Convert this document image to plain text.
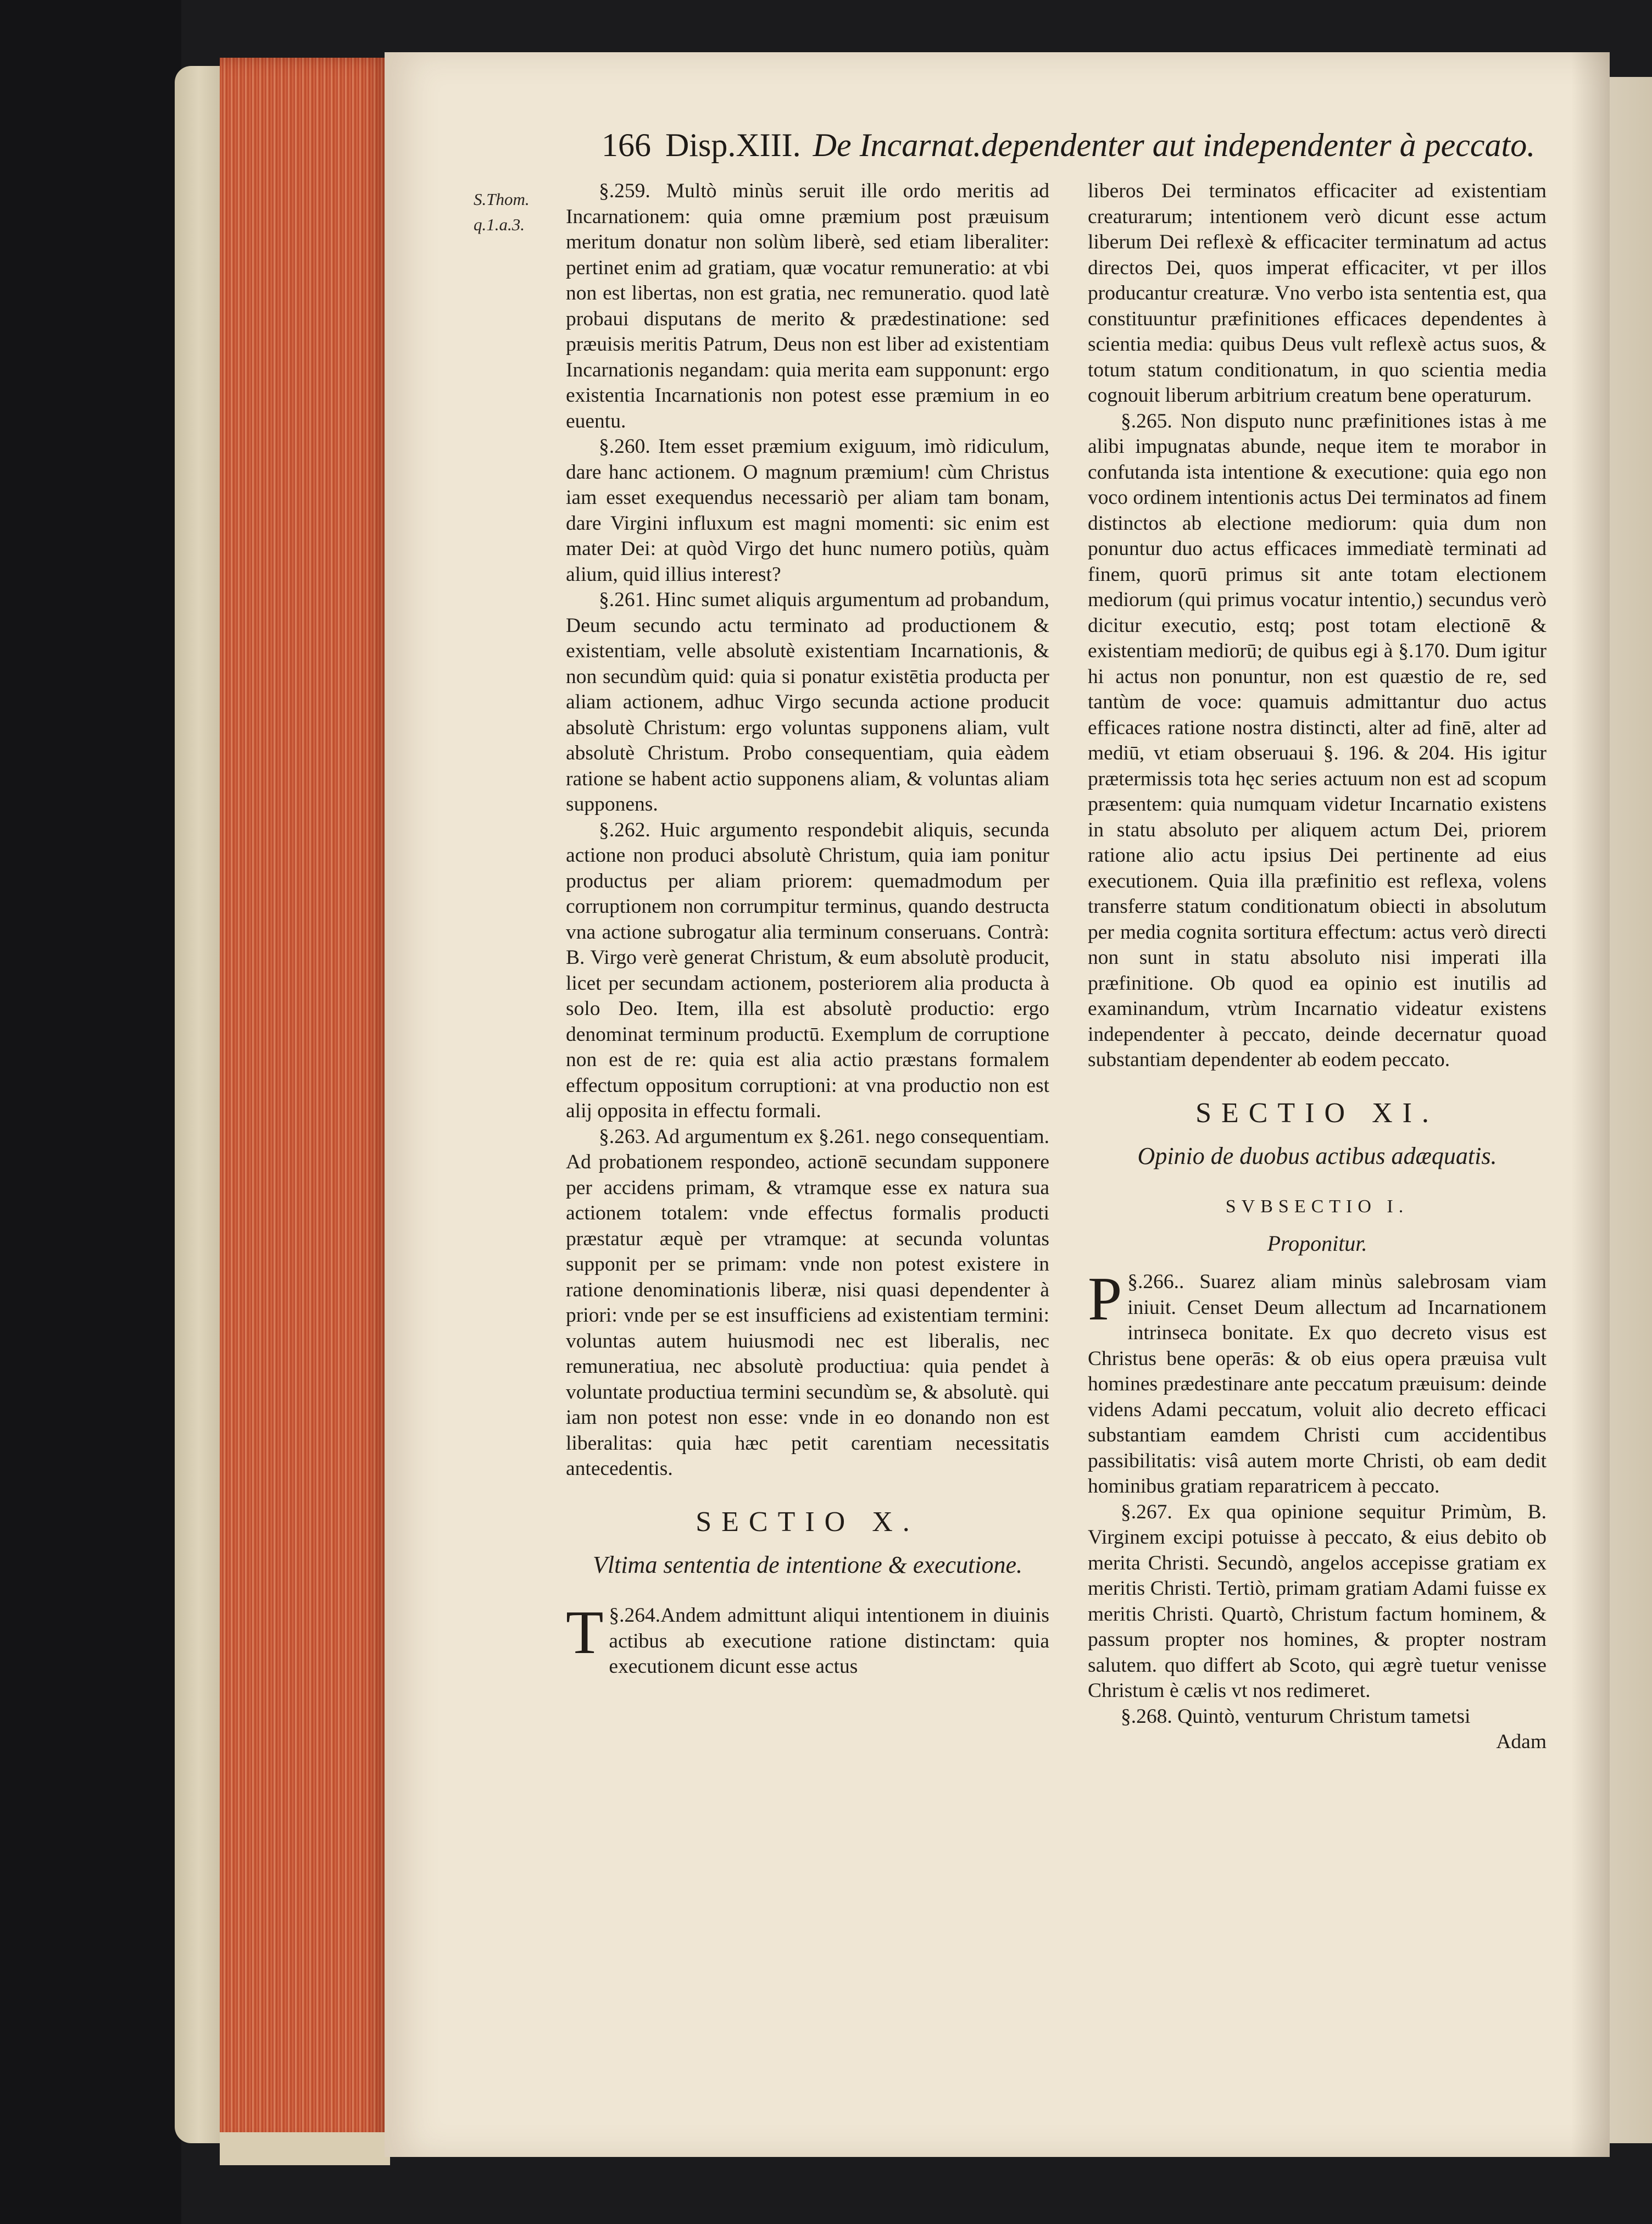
166 Disp.XIII. De Incarnat.dependenter aut independenter à peccato.
S.Thom.
q.1.a.3.

§.259. Multò minùs seruit ille ordo meritis ad Incarnationem: quia omne præmium post præuisum meritum donatur non solùm liberè, sed etiam liberaliter: pertinet enim ad gratiam, quæ vocatur remuneratio: at vbi non est libertas, non est gratia, nec remuneratio. quod latè probaui disputans de merito & prædestinatione: sed præuisis meritis Patrum, Deus non est liber ad existentiam Incarnationis negandam: quia merita eam supponunt: ergo existentia Incarnationis non potest esse præmium in eo euentu.

§.260. Item esset præmium exiguum, imò ridiculum, dare hanc actionem. O magnum præmium! cùm Christus iam esset exequendus necessariò per aliam tam bonam, dare Virgini influxum est magni momenti: sic enim est mater Dei: at quòd Virgo det hunc numero potiùs, quàm alium, quid illius interest?

§.261. Hinc sumet aliquis argumentum ad probandum, Deum secundo actu terminato ad productionem & existentiam, velle absolutè existentiam Incarnationis, & non secundùm quid: quia si ponatur existētia producta per aliam actionem, adhuc Virgo secunda actione producit absolutè Christum: ergo voluntas supponens aliam, vult absolutè Christum. Probo consequentiam, quia eàdem ratione se habent actio supponens aliam, & voluntas aliam supponens.

§.262. Huic argumento respondebit aliquis, secunda actione non produci absolutè Christum, quia iam ponitur productus per aliam priorem: quemadmodum per corruptionem non corrumpitur terminus, quando destructa vna actione subrogatur alia terminum conseruans. Contrà: B. Virgo verè generat Christum, & eum absolutè producit, licet per secundam actionem, posteriorem alia producta à solo Deo. Item, illa est absolutè productio: ergo denominat terminum productū. Exemplum de corruptione non est de re: quia est alia actio præstans formalem effectum oppositum corruptioni: at vna productio non est alij opposita in effectu formali.

§.263. Ad argumentum ex §.261. nego consequentiam. Ad probationem respondeo, actionē secundam supponere per accidens primam, & vtramque esse ex natura sua actionem totalem: vnde effectus formalis producti præstatur æquè per vtramque: at secunda voluntas supponit per se primam: vnde non potest existere in ratione denominationis liberæ, nisi quasi dependenter à priori: vnde per se est insufficiens ad existentiam termini: voluntas autem huiusmodi nec est liberalis, nec remuneratiua, nec absolutè productiua: quia pendet à voluntate productiua termini secundùm se, & absolutè. qui iam non potest non esse: vnde in eo donando non est liberalitas: quia hæc petit carentiam necessitatis antecedentis.

SECTIO X.
Vltima sententia de intentione & executione.

§.264.
T	Andem admittunt aliqui intentionem in diuinis actibus ab executione ratione distinctam: quia executionem dicunt esse actus

liberos Dei terminatos efficaciter ad existentiam creaturarum; intentionem verò dicunt esse actum liberum Dei reflexè & efficaciter terminatum ad actus directos Dei, quos imperat efficaciter, vt per illos producantur creaturæ. Vno verbo ista sententia est, qua constituuntur præfinitiones efficaces dependentes à scientia media: quibus Deus vult reflexè actus suos, & totum statum conditionatum, in quo scientia media cognouit liberum arbitrium creatum bene operaturum.

§.265. Non disputo nunc præfinitiones istas à me alibi impugnatas abunde, neque item te morabor in confutanda ista intentione & executione: quia ego non voco ordinem intentionis actus Dei terminatos ad finem distinctos ab electione mediorum: quia dum non ponuntur duo actus efficaces immediatè terminati ad finem, quorū primus sit ante totam electionem mediorum (qui primus vocatur intentio,) secundus verò dicitur executio, estq; post totam electionē & existentiam mediorū; de quibus egi à §.170. Dum igitur hi actus non ponuntur, non est quæstio de re, sed tantùm de voce: quamuis admittantur duo actus efficaces ratione nostra distincti, alter ad finē, alter ad mediū, vt etiam obseruaui §. 196. & 204. His igitur prætermissis tota hęc series actuum non est ad scopum præsentem: quia numquam videtur Incarnatio existens in statu absoluto per aliquem actum Dei, priorem ratione alio actu ipsius Dei pertinente ad eius executionem. Quia illa præfinitio est reflexa, volens transferre statum conditionatum obiecti in absolutum per media cognita sortitura effectum: actus verò directi non sunt in statu absoluto nisi imperati illa præfinitione. Ob quod ea opinio est inutilis ad examinandum, vtrùm Incarnatio videatur existens independenter à peccato, deinde decernatur quoad substantiam dependenter ab eodem peccato.

SECTIO XI.
Opinio de duobus actibus adæquatis.
SVBSECTIO I.
Proponitur.

§.266.
P	. Suarez aliam minùs salebrosam viam iniuit. Censet Deum allectum ad Incarnationem intrinseca bonitate. Ex quo decreto visus est Christus bene operās: & ob eius opera præuisa vult homines prædestinare ante peccatum præuisum: deinde videns Adami peccatum, voluit alio decreto efficaci substantiam eamdem Christi cum accidentibus passibilitatis: visâ autem morte Christi, ob eam dedit hominibus gratiam reparatricem à peccato.

§.267. Ex qua opinione sequitur Primùm, B. Virginem excipi potuisse à peccato, & eius debito ob merita Christi. Secundò, angelos accepisse gratiam ex meritis Christi. Tertiò, primam gratiam Adami fuisse ex meritis Christi. Quartò, Christum factum hominem, & passum propter nos homines, & propter nostram salutem. quo differt ab Scoto, qui ægrè tuetur venisse Christum è cælis vt nos redimeret.

§.268. Quintò, venturum Christum tametsi

Adam
